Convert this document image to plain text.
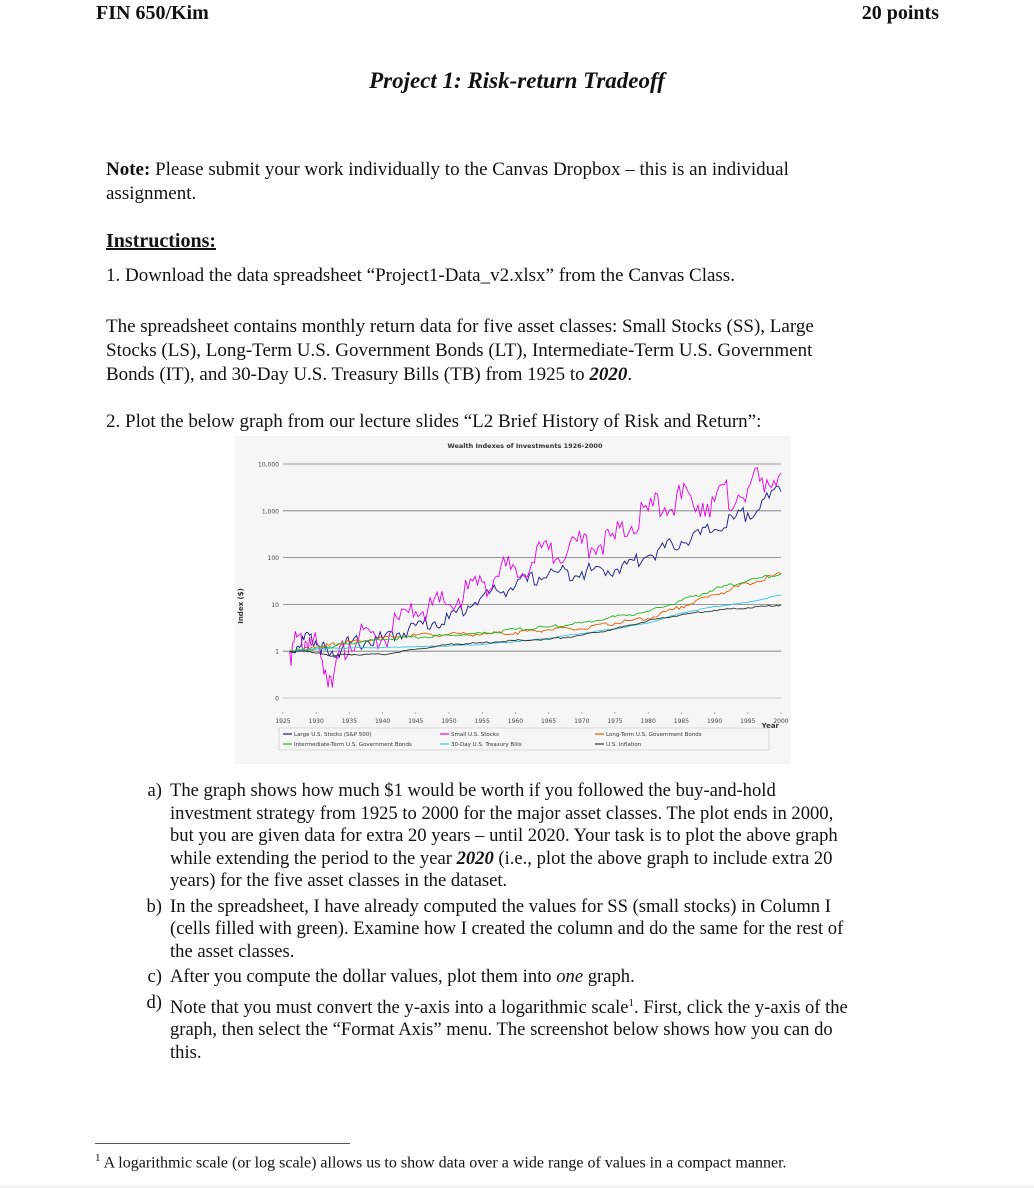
FIN 650/Kim	20 points
Project 1: Risk-return Tradeoff
Note: Please submit your work individually to the Canvas Dropbox – this is an individual
assignment.
Instructions:
1. Download the data spreadsheet “Project1-Data_v2.xlsx” from the Canvas Class.
The spreadsheet contains monthly return data for five asset classes: Small Stocks (SS), Large
Stocks (LS), Long-Term U.S. Government Bonds (LT), Intermediate-Term U.S. Government
Bonds (IT), and 30-Day U.S. Treasury Bills (TB) from 1925 to 2020.
2. Plot the below graph from our lecture slides “L2 Brief History of Risk and Return”:
Wealth Indexes of Investments 1926-2000
Index ($)
Year
10,000
1,000
100
10
1
0
1925	1930	1935	1940	1945	1950	1955	1960	1965	1970	1975	1980	1985	1990	1995	2000
Large U.S. Stocks (S&P 500)	Small U.S. Stocks	Long-Term U.S. Government Bonds
Intermediate-Term U.S. Government Bonds	30-Day U.S. Treasury Bills	U.S. Inflation
a) The graph shows how much $1 would be worth if you followed the buy-and-hold
investment strategy from 1925 to 2000 for the major asset classes. The plot ends in 2000,
but you are given data for extra 20 years – until 2020. Your task is to plot the above graph
while extending the period to the year 2020 (i.e., plot the above graph to include extra 20
years) for the five asset classes in the dataset.
b) In the spreadsheet, I have already computed the values for SS (small stocks) in Column I
(cells filled with green). Examine how I created the column and do the same for the rest of
the asset classes.
c) After you compute the dollar values, plot them into one graph.
d) Note that you must convert the y-axis into a logarithmic scale$^1$. First, click the y-axis of the
graph, then select the “Format Axis” menu. The screenshot below shows how you can do
this.
$^1$ A logarithmic scale (or log scale) allows us to show data over a wide range of values in a compact manner.
